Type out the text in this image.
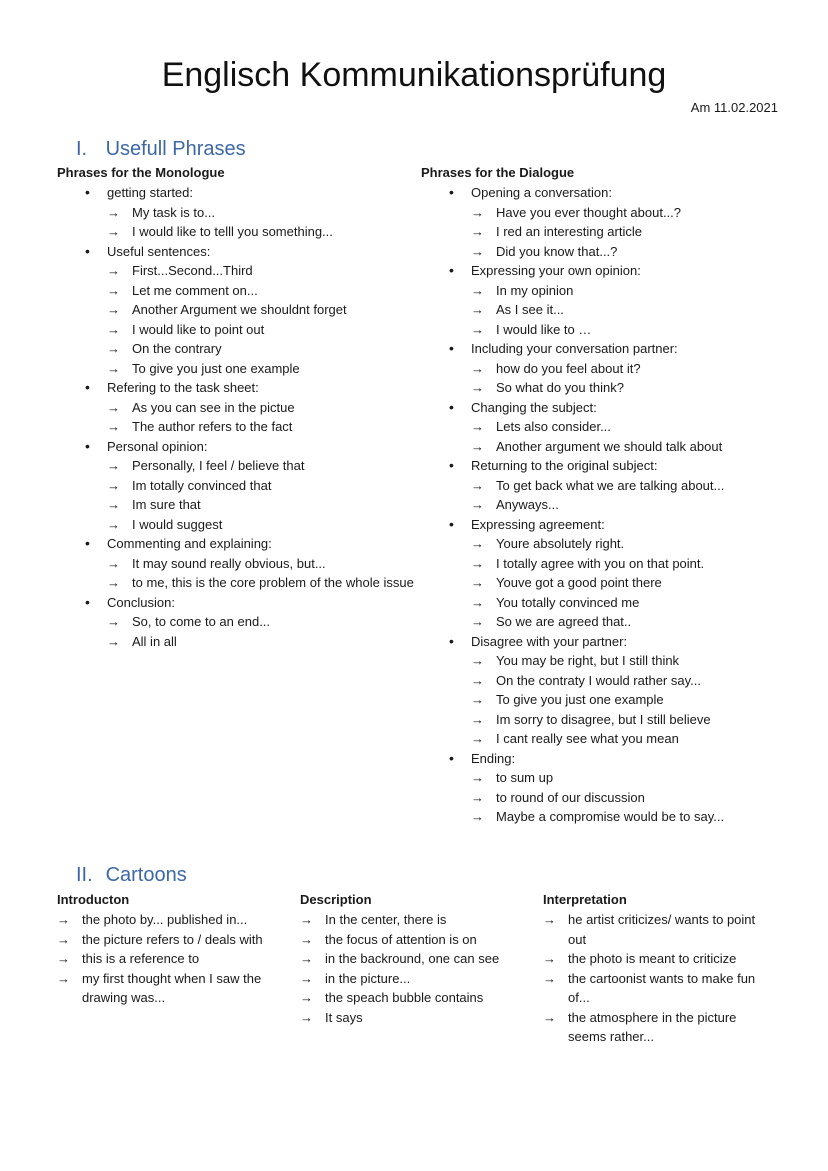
Englisch Kommunikationsprüfung
Am 11.02.2021
I. Usefull Phrases
Phrases for the Monologue
• getting started:
→ My task is to...
→ I would like to telll you something...
• Useful sentences:
→ First...Second...Third
→ Let me comment on...
→ Another Argument we shouldnt forget
→ I would like to point out
→ On the contrary
→ To give you just one example
• Refering to the task sheet:
→ As you can see in the pictue
→ The author refers to the fact
• Personal opinion:
→ Personally, I feel / believe that
→ Im totally convinced that
→ Im sure that
→ I would suggest
• Commenting and explaining:
→ It may sound really obvious, but...
→ to me, this is the core problem of the whole issue
• Conclusion:
→ So, to come to an end...
→ All in all
Phrases for the Dialogue
• Opening a conversation:
→ Have you ever thought about...?
→ I red an interesting article
→ Did you know that...?
• Expressing your own opinion:
→ In my opinion
→ As I see it...
→ I would like to …
• Including your conversation partner:
→ how do you feel about it?
→ So what do you think?
• Changing the subject:
→ Lets also consider...
→ Another argument we should talk about
• Returning to the original subject:
→ To get back what we are talking about...
→ Anyways...
• Expressing agreement:
→ Youre absolutely right.
→ I totally agree with you on that point.
→ Youve got a good point there
→ You totally convinced me
→ So we are agreed that..
• Disagree with your partner:
→ You may be right, but I still think
→ On the contraty I would rather say...
→ To give you just one example
→ Im sorry to disagree, but I still believe
→ I cant really see what you mean
• Ending:
→ to sum up
→ to round of our discussion
→ Maybe a compromise would be to say...
II. Cartoons
Introducton
→ the photo by... published in...
→ the picture refers to / deals with
→ this is a reference to
→ my first thought when I saw the drawing was...
Description
→ In the center, there is
→ the focus of attention is on
→ in the backround, one can see
→ in the picture...
→ the speach bubble contains
→ It says
Interpretation
→ he artist criticizes/ wants to point out
→ the photo is meant to criticize
→ the cartoonist wants to make fun of...
→ the atmosphere in the picture seems rather...
